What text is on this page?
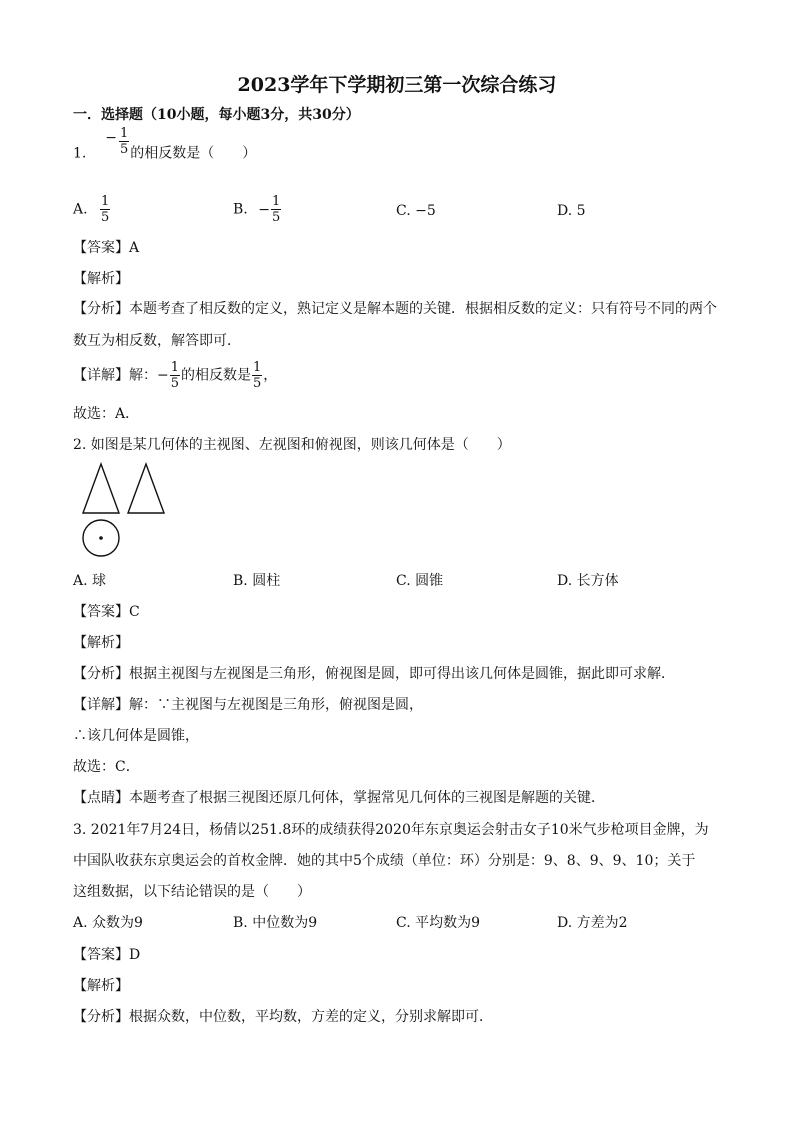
2023学年下学期初三第一次综合练习
一．选择题（10小题，每小题3分，共30分）
1.  − $\frac{1}{5}$ 的相反数是（　　）
A. $\frac{1}{5}$	B. − $\frac{1}{5}$	C. −5	D. 5
【答案】A
【解析】
【分析】本题考查了相反数的定义，熟记定义是解本题的关键．根据相反数的定义：只有符号不同的两个
数互为相反数，解答即可．
【详解】解：− $\frac{1}{5}$ 的相反数是 $\frac{1}{5}$ ，
故选：A．
2. 如图是某几何体的主视图、左视图和俯视图，则该几何体是（　　）
A. 球	B. 圆柱	C. 圆锥	D. 长方体
【答案】C
【解析】
【分析】根据主视图与左视图是三角形，俯视图是圆，即可得出该几何体是圆锥，据此即可求解．
【详解】解：∵主视图与左视图是三角形，俯视图是圆，
∴该几何体是圆锥，
故选：C．
【点睛】本题考查了根据三视图还原几何体，掌握常见几何体的三视图是解题的关键．
3. 2021年7月24日，杨倩以251.8环的成绩获得2020年东京奥运会射击女子10米气步枪项目金牌，为
中国队收获东京奥运会的首枚金牌．她的其中5个成绩（单位：环）分别是：9、8、9、9、10；关于
这组数据，以下结论错误的是（　　）
A. 众数为9	B. 中位数为9	C. 平均数为9	D. 方差为2
【答案】D
【解析】
【分析】根据众数，中位数，平均数，方差的定义，分别求解即可．
